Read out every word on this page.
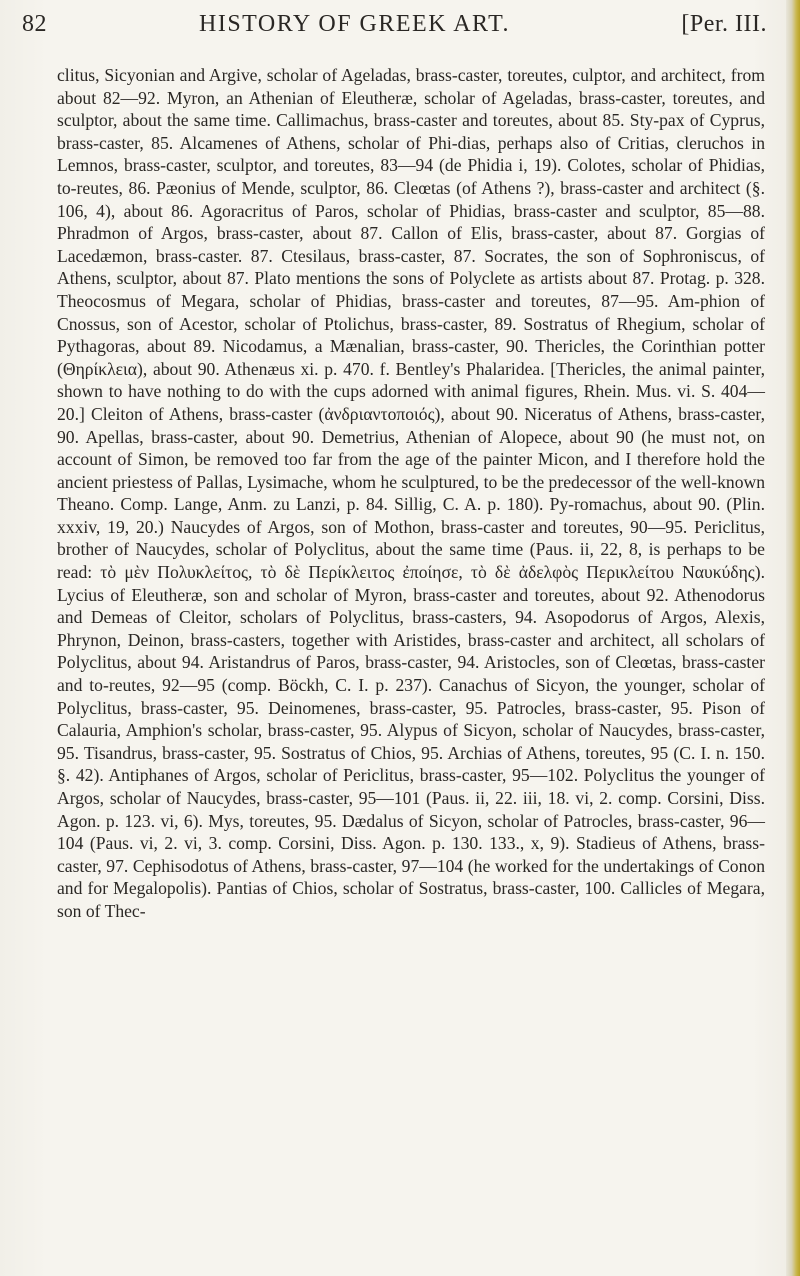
82	HISTORY OF GREEK ART.	[Per. III.

clitus, Sicyonian and Argive, scholar of Ageladas, brass-caster, toreutes, culptor, and architect, from about 82—92. Myron, an Athenian of Eleutheræ, scholar of Ageladas, brass-caster, toreutes, and sculptor, about the same time. Callimachus, brass-caster and toreutes, about 85. Sty-pax of Cyprus, brass-caster, 85. Alcamenes of Athens, scholar of Phi-dias, perhaps also of Critias, cleruchos in Lemnos, brass-caster, sculptor, and toreutes, 83—94 (de Phidia i, 19). Colotes, scholar of Phidias, to-reutes, 86. Pæonius of Mende, sculptor, 86. Cleœtas (of Athens ?), brass-caster and architect (§. 106, 4), about 86. Agoracritus of Paros, scholar of Phidias, brass-caster and sculptor, 85—88. Phradmon of Argos, brass-caster, about 87. Callon of Elis, brass-caster, about 87. Gorgias of Lacedæmon, brass-caster. 87. Ctesilaus, brass-caster, 87. Socrates, the son of Sophroniscus, of Athens, sculptor, about 87. Plato mentions the sons of Polyclete as artists about 87. Protag. p. 328. Theocosmus of Megara, scholar of Phidias, brass-caster and toreutes, 87—95. Am-phion of Cnossus, son of Acestor, scholar of Ptolichus, brass-caster, 89. Sostratus of Rhegium, scholar of Pythagoras, about 89. Nicodamus, a Mænalian, brass-caster, 90. Thericles, the Corinthian potter (Θηρίκλεια), about 90. Athenæus xi. p. 470. f. Bentley's Phalaridea. [Thericles, the animal painter, shown to have nothing to do with the cups adorned with animal figures, Rhein. Mus. vi. S. 404—20.] Cleiton of Athens, brass-caster (ἀνδριαντοποιός), about 90. Niceratus of Athens, brass-caster, 90. Apellas, brass-caster, about 90. Demetrius, Athenian of Alopece, about 90 (he must not, on account of Simon, be removed too far from the age of the painter Micon, and I therefore hold the ancient priestess of Pallas, Lysimache, whom he sculptured, to be the predecessor of the well-known Theano. Comp. Lange, Anm. zu Lanzi, p. 84. Sillig, C. A. p. 180). Py-romachus, about 90. (Plin. xxxiv, 19, 20.) Naucydes of Argos, son of Mothon, brass-caster and toreutes, 90—95. Periclitus, brother of Naucydes, scholar of Polyclitus, about the same time (Paus. ii, 22, 8, is perhaps to be read: τὸ μὲν Πολυκλείτος, τὸ δὲ Περίκλειτος ἐποίησε, τὸ δὲ ἀδελφὸς Περικλείτου Ναυκύδης). Lycius of Eleutheræ, son and scholar of Myron, brass-caster and toreutes, about 92. Athenodorus and Demeas of Cleitor, scholars of Polyclitus, brass-casters, 94. Asopodorus of Argos, Alexis, Phrynon, Deinon, brass-casters, together with Aristides, brass-caster and architect, all scholars of Polyclitus, about 94. Aristandrus of Paros, brass-caster, 94. Aristocles, son of Cleœtas, brass-caster and to-reutes, 92—95 (comp. Böckh, C. I. p. 237). Canachus of Sicyon, the younger, scholar of Polyclitus, brass-caster, 95. Deinomenes, brass-caster, 95. Patrocles, brass-caster, 95. Pison of Calauria, Amphion's scholar, brass-caster, 95. Alypus of Sicyon, scholar of Naucydes, brass-caster, 95. Tisandrus, brass-caster, 95. Sostratus of Chios, 95. Archias of Athens, toreutes, 95 (C. I. n. 150. §. 42). Antiphanes of Argos, scholar of Periclitus, brass-caster, 95—102. Polyclitus the younger of Argos, scholar of Naucydes, brass-caster, 95—101 (Paus. ii, 22. iii, 18. vi, 2. comp. Corsini, Diss. Agon. p. 123. vi, 6). Mys, toreutes, 95. Dædalus of Sicyon, scholar of Patrocles, brass-caster, 96—104 (Paus. vi, 2. vi, 3. comp. Corsini, Diss. Agon. p. 130. 133., x, 9). Stadieus of Athens, brass-caster, 97. Cephisodotus of Athens, brass-caster, 97—104 (he worked for the undertakings of Conon and for Megalopolis). Pantias of Chios, scholar of Sostratus, brass-caster, 100. Callicles of Megara, son of Thec-
